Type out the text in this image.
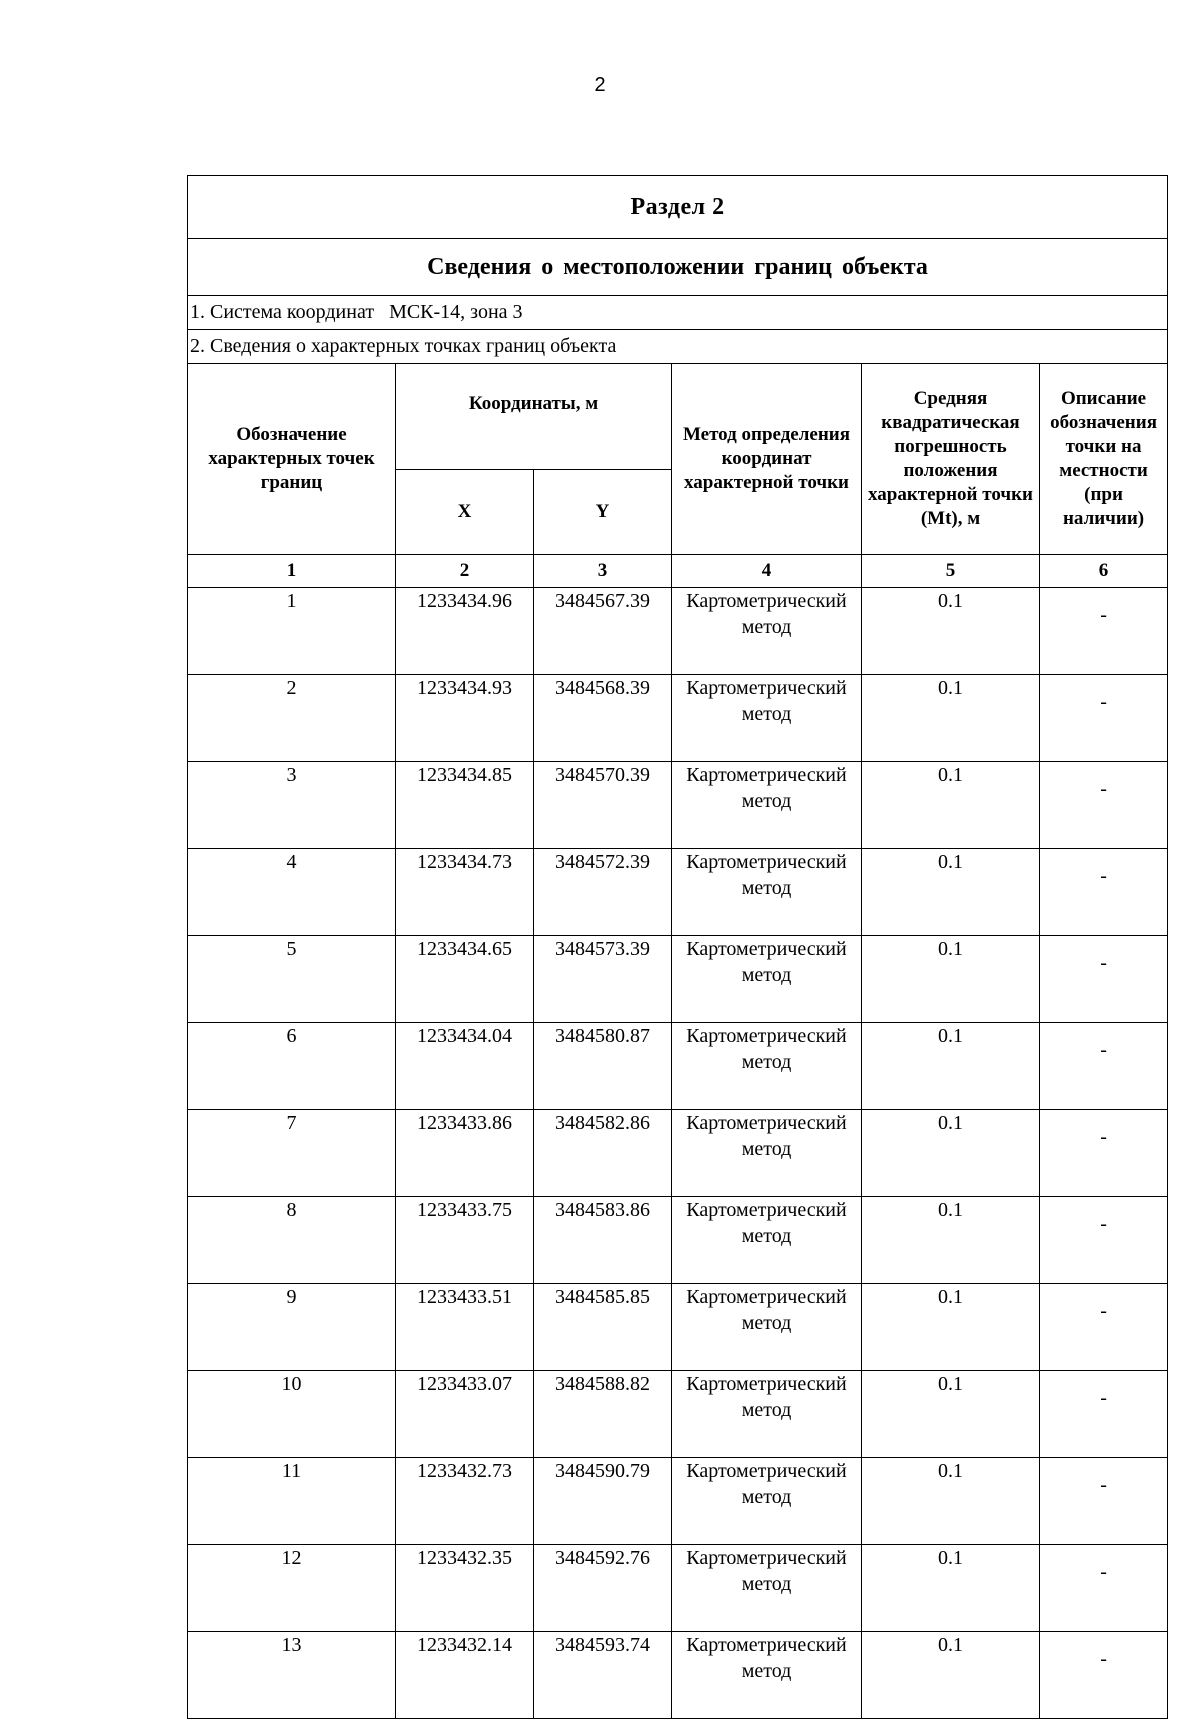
2
Раздел 2					
Сведения о местоположении границ объекта					
1. Система координат МСК-14, зона 3					
2. Сведения о характерных точках границ объекта					
Обозначение характерных точек границ	Координаты, м		Метод определения координат характерной точки	Средняя квадратическая погрешность положения характерной точки (Mt), м	Описание обозначения точки на местности (при наличии)
	X	Y			
1	2	3	4	5	6
1	1233434.96	3484567.39	Картометрический метод	0.1	-
2	1233434.93	3484568.39	Картометрический метод	0.1	-
3	1233434.85	3484570.39	Картометрический метод	0.1	-
4	1233434.73	3484572.39	Картометрический метод	0.1	-
5	1233434.65	3484573.39	Картометрический метод	0.1	-
6	1233434.04	3484580.87	Картометрический метод	0.1	-
7	1233433.86	3484582.86	Картометрический метод	0.1	-
8	1233433.75	3484583.86	Картометрический метод	0.1	-
9	1233433.51	3484585.85	Картометрический метод	0.1	-
10	1233433.07	3484588.82	Картометрический метод	0.1	-
11	1233432.73	3484590.79	Картометрический метод	0.1	-
12	1233432.35	3484592.76	Картометрический метод	0.1	-
13	1233432.14	3484593.74	Картометрический метод	0.1	-
